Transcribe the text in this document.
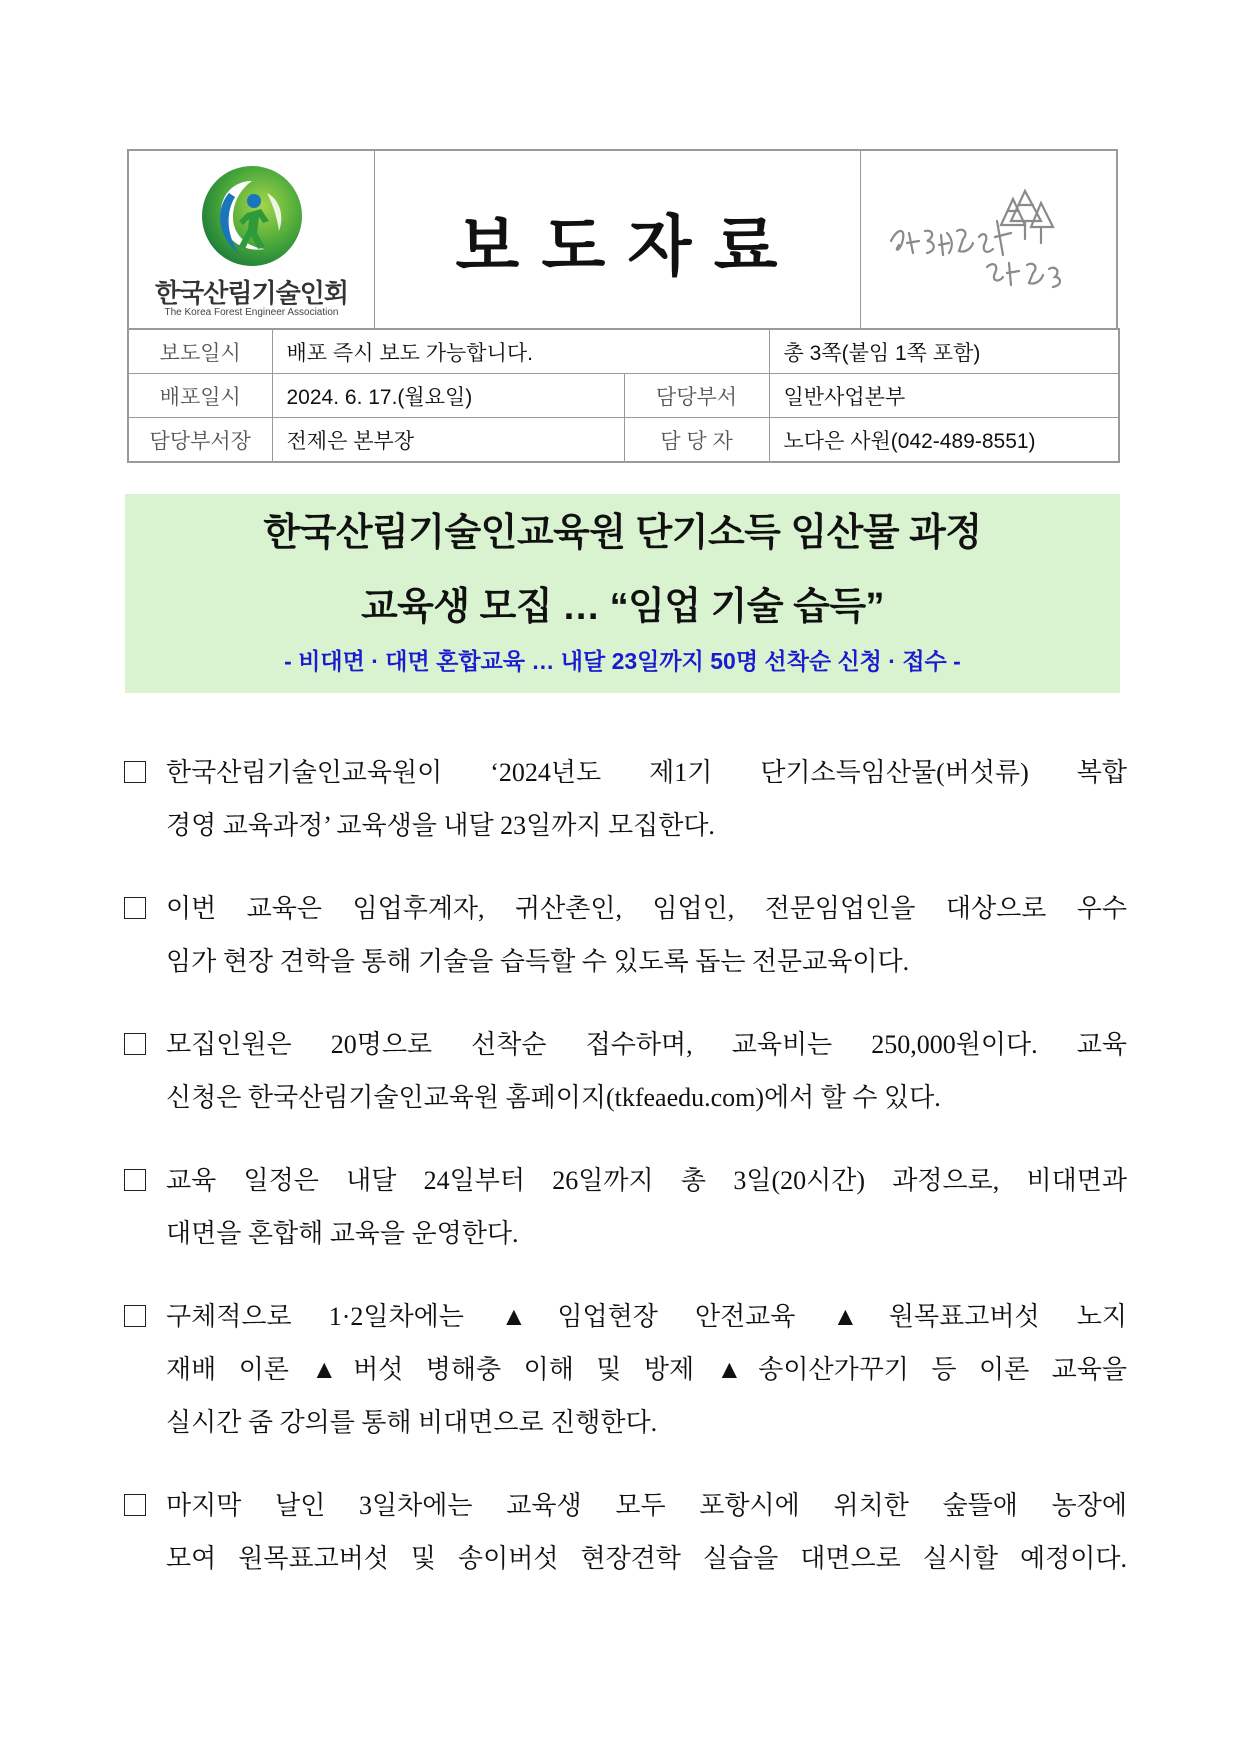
한국산림기술인회
The Korea Forest Engineer Association
보 도 자 료
보도일시	배포 즉시 보도 가능합니다.		총 3쪽(붙임 1쪽 포함)
배포일시	2024. 6. 17.(월요일)	담당부서	일반사업본부
담당부서장	전제은 본부장	담 당 자	노다은 사원(042-489-8551)
한국산림기술인교육원 단기소득 임산물 과정
교육생 모집 … “임업 기술 습득”
- 비대면 · 대면 혼합교육 … 내달 23일까지 50명 선착순 신청 · 접수 -
한국산림기술인교육원이 ‘2024년도 제1기 단기소득임산물(버섯류) 복합
경영 교육과정’ 교육생을 내달 23일까지 모집한다.
이번 교육은 임업후계자, 귀산촌인, 임업인, 전문임업인을 대상으로 우수
임가 현장 견학을 통해 기술을 습득할 수 있도록 돕는 전문교육이다.
모집인원은 20명으로 선착순 접수하며, 교육비는 250,000원이다. 교육
신청은 한국산림기술인교육원 홈페이지(tkfeaedu.com)에서 할 수 있다.
교육 일정은 내달 24일부터 26일까지 총 3일(20시간) 과정으로, 비대면과
대면을 혼합해 교육을 운영한다.
구체적으로 1·2일차에는 ▲임업현장 안전교육 ▲원목표고버섯 노지
재배 이론 ▲버섯 병해충 이해 및 방제 ▲송이산가꾸기 등 이론 교육을
실시간 줌 강의를 통해 비대면으로 진행한다.
마지막 날인 3일차에는 교육생 모두 포항시에 위치한 숲뜰애 농장에
모여 원목표고버섯 및 송이버섯 현장견학 실습을 대면으로 실시할 예정이다.
